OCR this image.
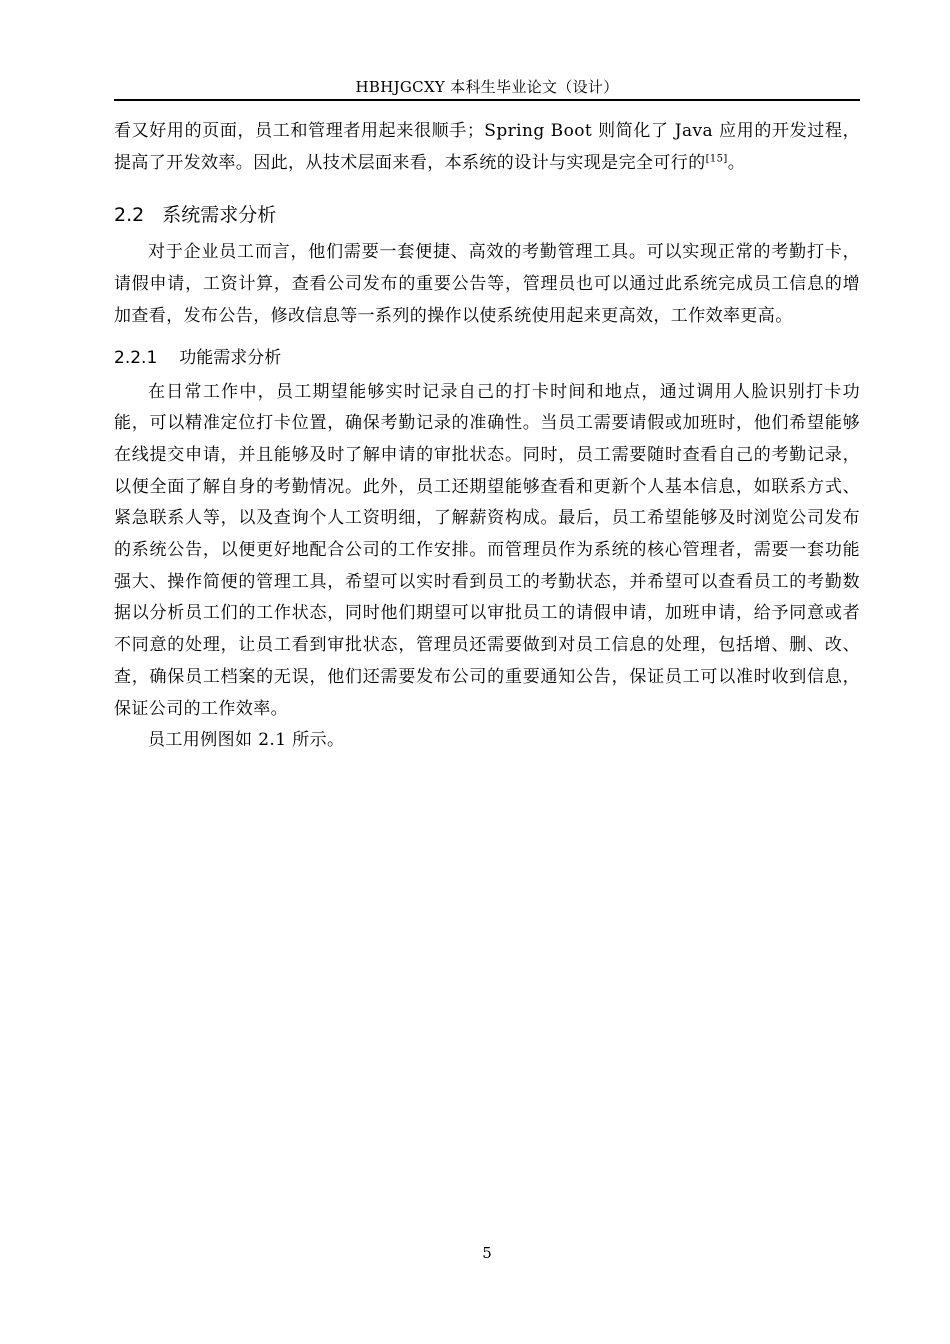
HBHJGCXY 本科生毕业论文（设计）

看又好用的页面，员工和管理者用起来很顺手；Spring Boot 则简化了 Java 应用的开发过程，提高了开发效率。因此，从技术层面来看，本系统的设计与实现是完全可行的[15]。

2.2 系统需求分析

对于企业员工而言，他们需要一套便捷、高效的考勤管理工具。可以实现正常的考勤打卡，请假申请，工资计算，查看公司发布的重要公告等，管理员也可以通过此系统完成员工信息的增加查看，发布公告，修改信息等一系列的操作以使系统使用起来更高效，工作效率更高。

2.2.1 功能需求分析

在日常工作中，员工期望能够实时记录自己的打卡时间和地点，通过调用人脸识别打卡功能，可以精准定位打卡位置，确保考勤记录的准确性。当员工需要请假或加班时，他们希望能够在线提交申请，并且能够及时了解申请的审批状态。同时，员工需要随时查看自己的考勤记录，以便全面了解自身的考勤情况。此外，员工还期望能够查看和更新个人基本信息，如联系方式、紧急联系人等，以及查询个人工资明细，了解薪资构成。最后，员工希望能够及时浏览公司发布的系统公告，以便更好地配合公司的工作安排。而管理员作为系统的核心管理者，需要一套功能强大、操作简便的管理工具，希望可以实时看到员工的考勤状态，并希望可以查看员工的考勤数据以分析员工们的工作状态，同时他们期望可以审批员工的请假申请，加班申请，给予同意或者不同意的处理，让员工看到审批状态，管理员还需要做到对员工信息的处理，包括增、删、改、查，确保员工档案的无误，他们还需要发布公司的重要通知公告，保证员工可以准时收到信息，保证公司的工作效率。

员工用例图如 2.1 所示。

5
